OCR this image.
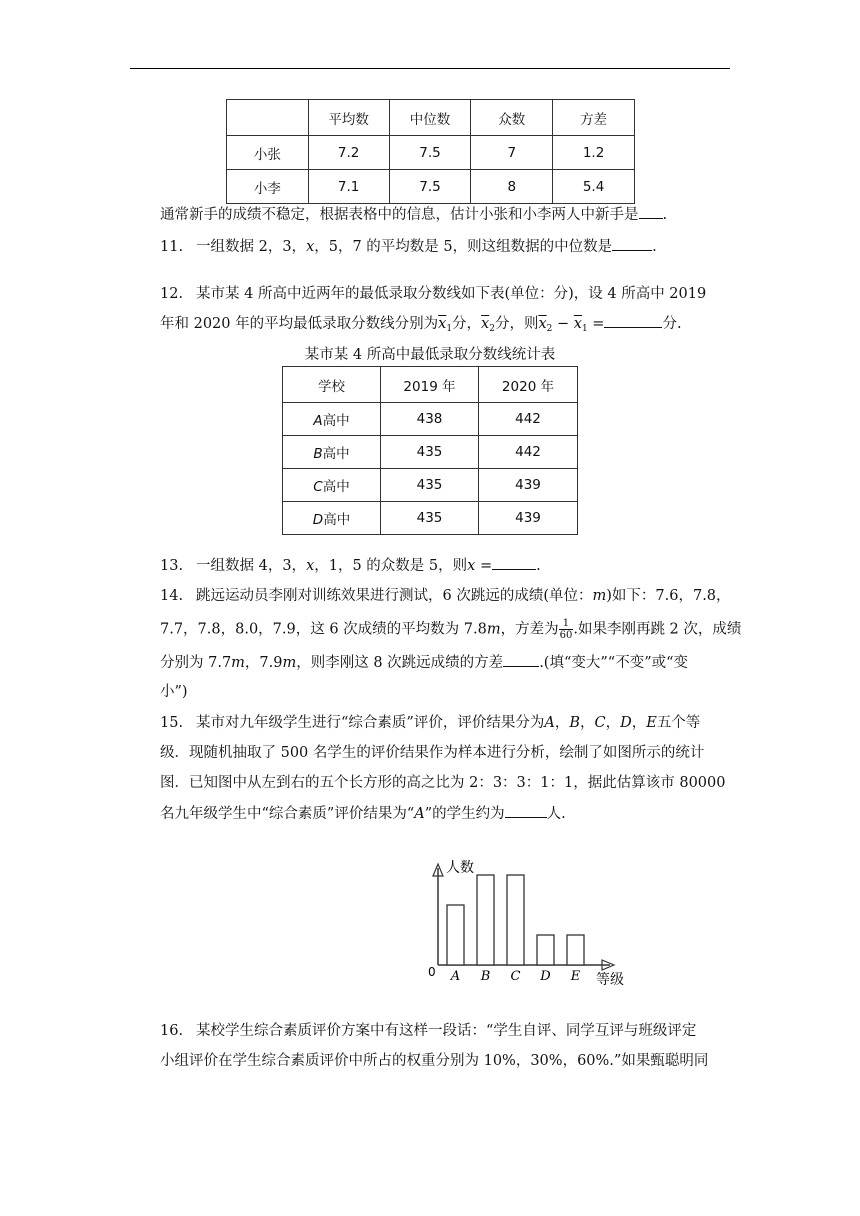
	平均数	中位数	众数	方差
小张	7.2	7.5	7	1.2
小李	7.1	7.5	8	5.4
通常新手的成绩不稳定，根据表格中的信息，估计小张和小李两人中新手是 .
11. 一组数据 2，3，x，5，7 的平均数是 5，则这组数据的中位数是	.
12. 某市某 4 所高中近两年的最低录取分数线如下表(单位：分)，设 4 所高中 2019
年和 2020 年的平均最低录取分数线分别为$\overline{x}_1$分，$\overline{x}_2$分，则$\overline{x}_2 - \overline{x}_1$ =	分.
某市某 4 所高中最低录取分数线统计表
学校	2019 年	2020 年
A高中	438	442
B高中	435	442
C高中	435	439
D高中	435	439
13. 一组数据 4，3，x，1，5 的众数是 5，则x =	.
14. 跳远运动员李刚对训练效果进行测试，6 次跳远的成绩(单位：m)如下：7.6，7.8，
7.7，7.8，8.0，7.9，这 6 次成绩的平均数为 7.8m，方差为 $\frac{1}{60}$ .如果李刚再跳 2 次，成绩
分别为 7.7m，7.9m，则李刚这 8 次跳远成绩的方差 .(填“变大”“不变”或“变
小”)
15. 某市对九年级学生进行“综合素质”评价，评价结果分为A，B，C，D，E五个等
级．现随机抽取了 500 名学生的评价结果作为样本进行分析，绘制了如图所示的统计
图．已知图中从左到右的五个长方形的高之比为 2：3：3：1：1，据此估算该市 80000
名九年级学生中“综合素质”评价结果为“A”的学生约为	人.
人数
等级
0 A B C D E
16. 某校学生综合素质评价方案中有这样一段话：“学生自评、同学互评与班级评定
小组评价在学生综合素质评价中所占的权重分别为 10%，30%，60%.”如果甄聪明同
